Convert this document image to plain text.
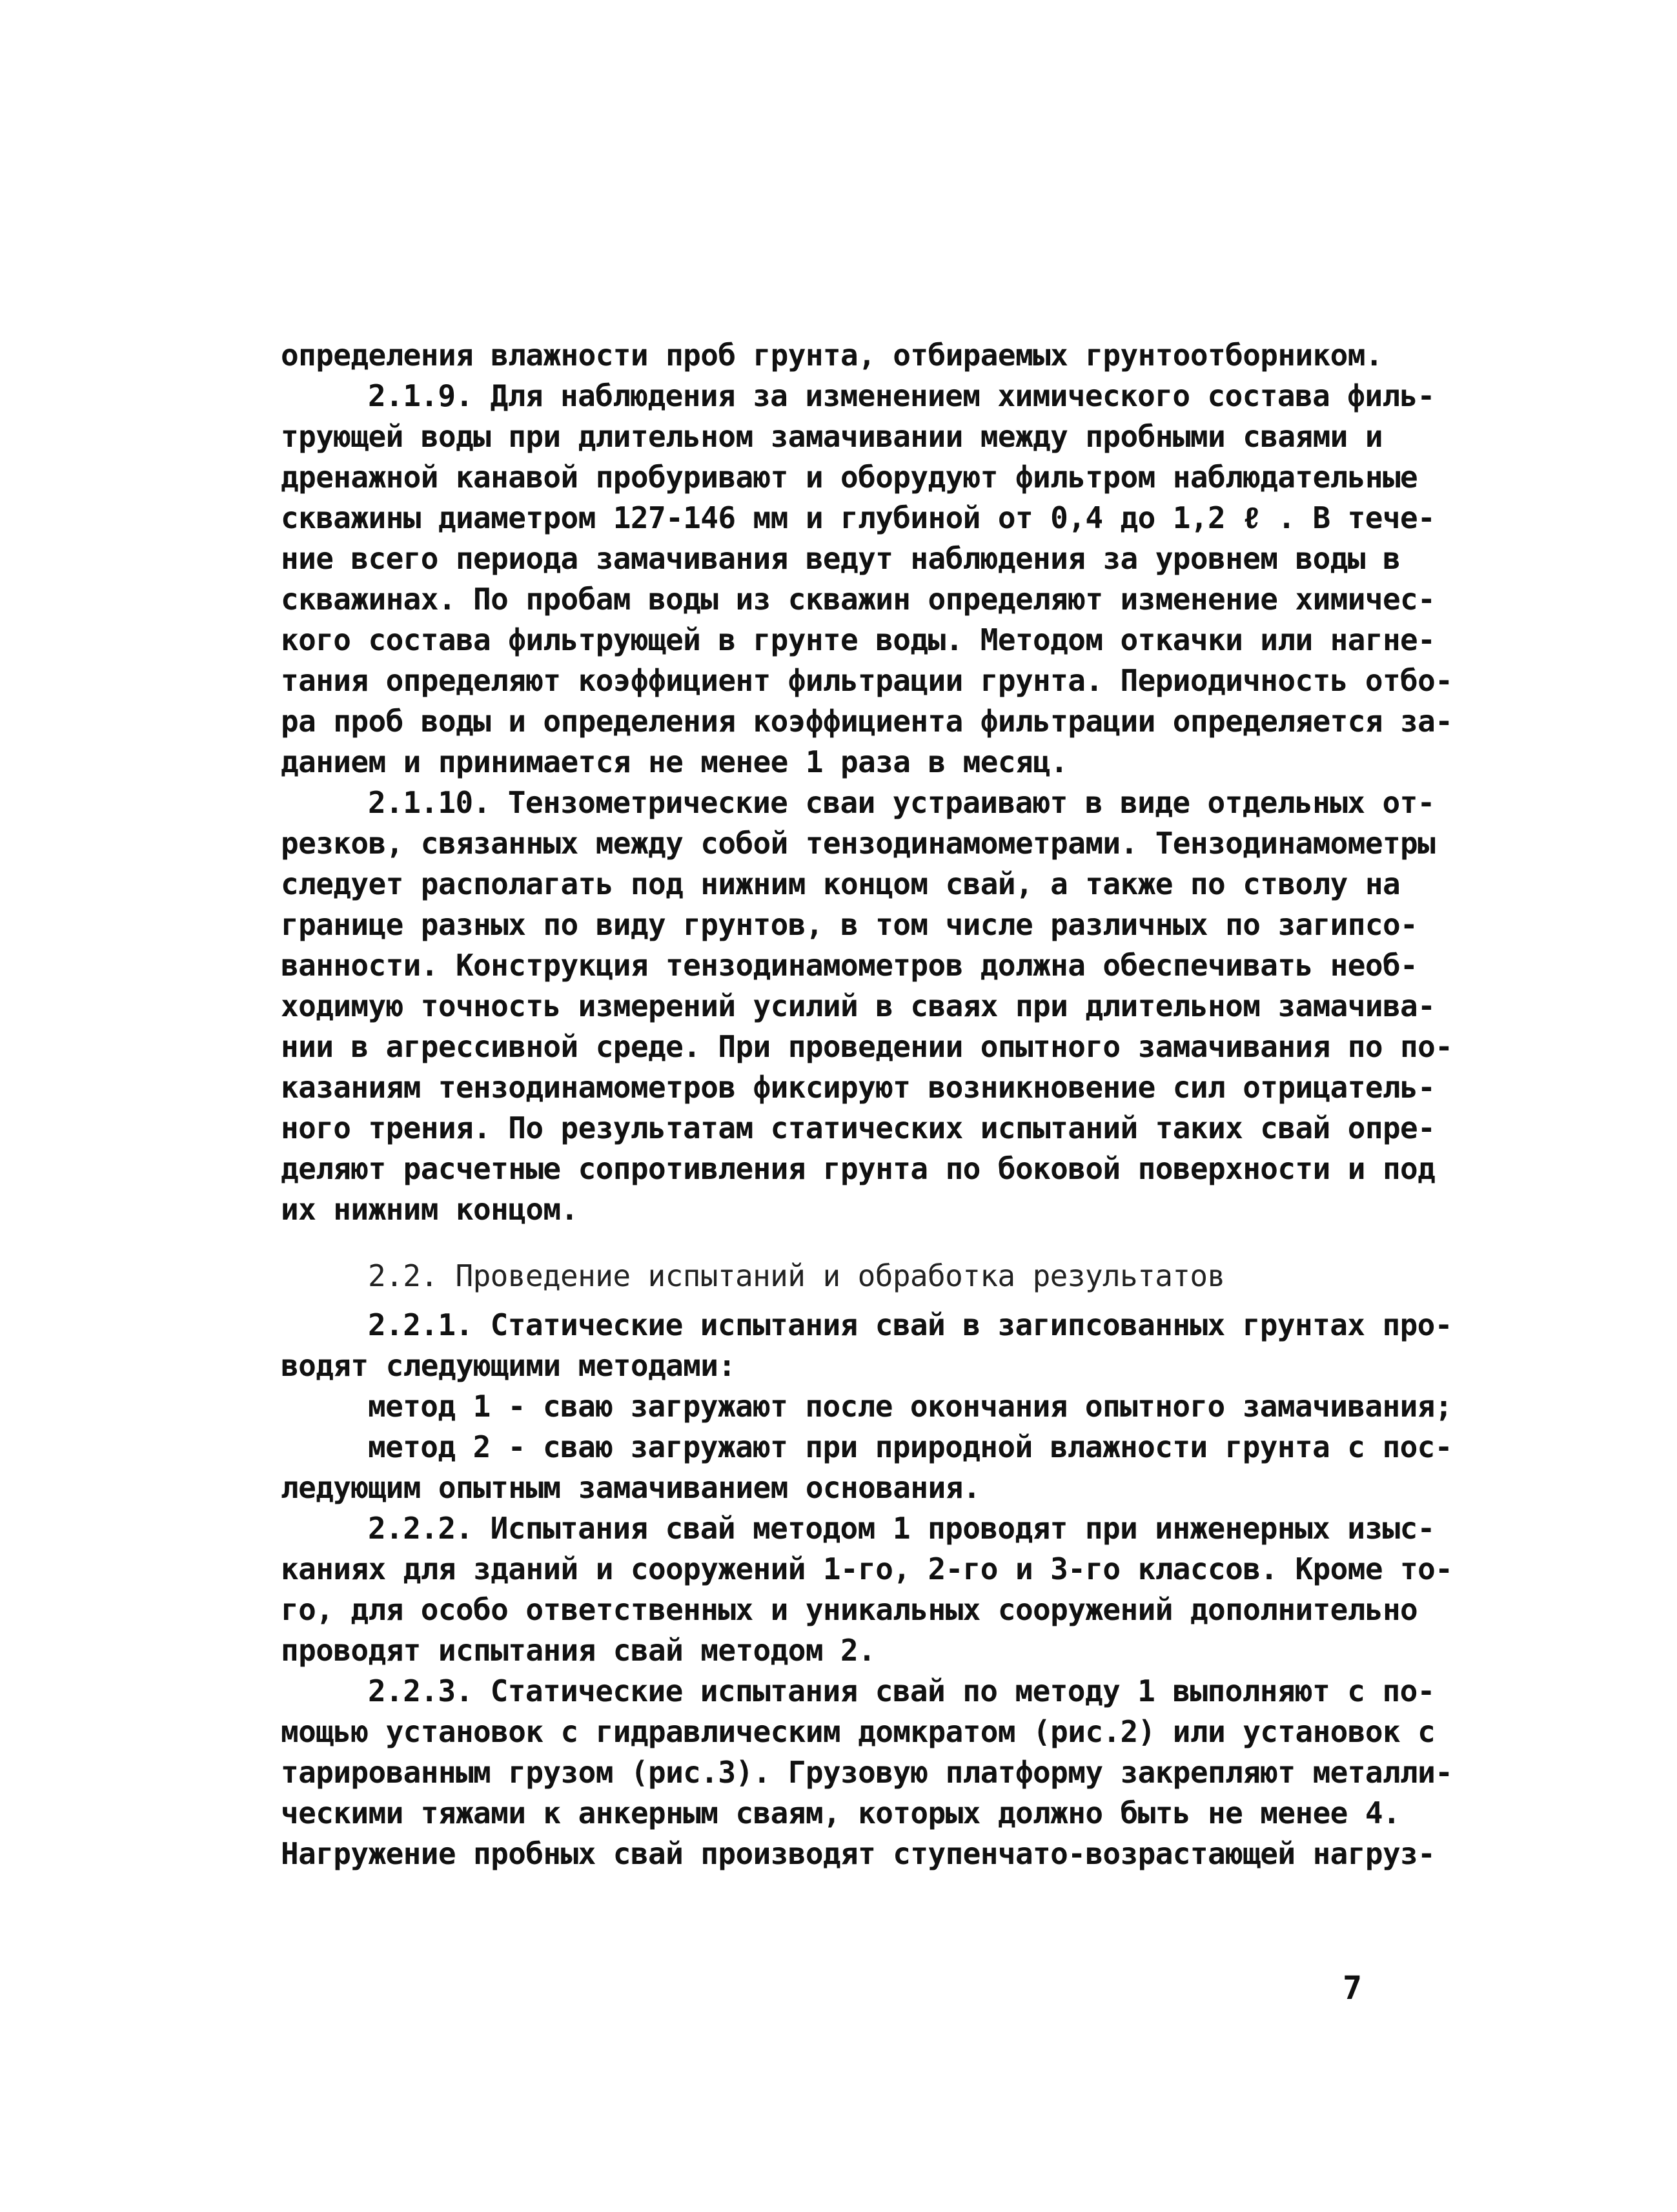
определения влажности проб грунта, отбираемых грунтоотборником.
2.1.9. Для наблюдения за изменением химического состава филь-
трующей воды при длительном замачивании между пробными сваями и
дренажной канавой пробуривают и оборудуют фильтром наблюдательные
скважины диаметром 127-146 мм и глубиной от 0,4 до 1,2 ℓ . В тече-
ние всего периода замачивания ведут наблюдения за уровнем воды в
скважинах. По пробам воды из скважин определяют изменение химичес-
кого состава фильтрующей в грунте воды. Методом откачки или нагне-
тания определяют коэффициент фильтрации грунта. Периодичность отбо-
ра проб воды и определения коэффициента фильтрации определяется за-
данием и принимается не менее 1 раза в месяц.
2.1.10. Тензометрические сваи устраивают в виде отдельных от-
резков, связанных между собой тензодинамометрами. Тензодинамометры
следует располагать под нижним концом свай, а также по стволу на
границе разных по виду грунтов, в том числе различных по загипсо-
ванности. Конструкция тензодинамометров должна обеспечивать необ-
ходимую точность измерений усилий в сваях при длительном замачива-
нии в агрессивной среде. При проведении опытного замачивания по по-
казаниям тензодинамометров фиксируют возникновение сил отрицатель-
ного трения. По результатам статических испытаний таких свай опре-
деляют расчетные сопротивления грунта по боковой поверхности и под
их нижним концом.
2.2. Проведение испытаний и обработка результатов
2.2.1. Статические испытания свай в загипсованных грунтах про-
водят следующими методами:
метод 1 - сваю загружают после окончания опытного замачивания;
метод 2 - сваю загружают при природной влажности грунта с пос-
ледующим опытным замачиванием основания.
2.2.2. Испытания свай методом 1 проводят при инженерных изыс-
каниях для зданий и сооружений 1-го, 2-го и 3-го классов. Кроме то-
го, для особо ответственных и уникальных сооружений дополнительно
проводят испытания свай методом 2.
2.2.3. Статические испытания свай по методу 1 выполняют с по-
мощью установок с гидравлическим домкратом (рис.2) или установок с
тарированным грузом (рис.3). Грузовую платформу закрепляют металли-
ческими тяжами к анкерным сваям, которых должно быть не менее 4.
Нагружение пробных свай производят ступенчато-возрастающей нагруз-
7
